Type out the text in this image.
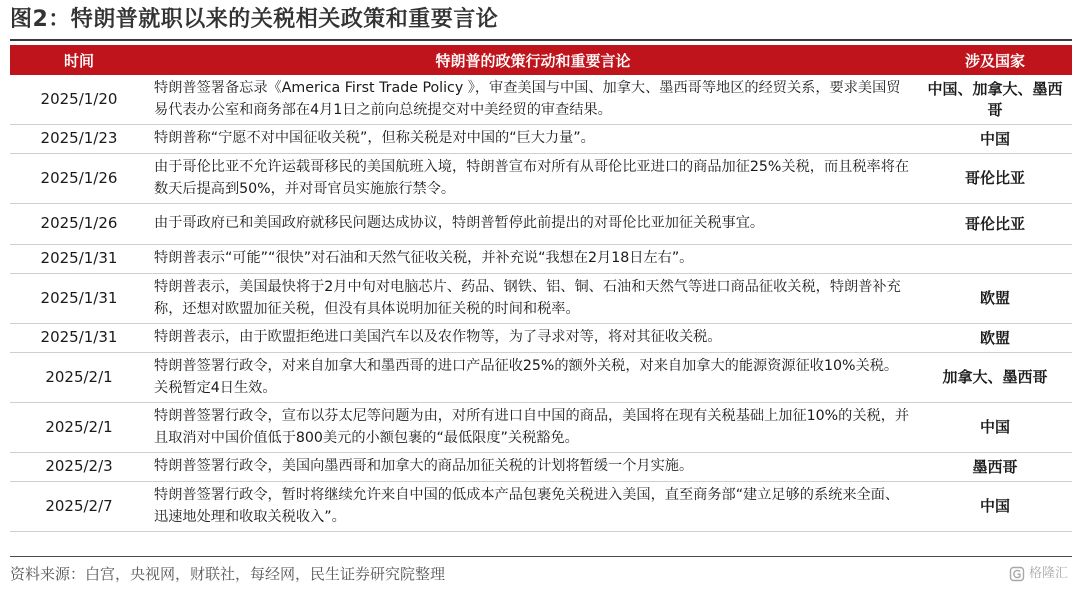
图2：特朗普就职以来的关税相关政策和重要言论
时间	特朗普的政策行动和重要言论	涉及国家
2025/1/20	特朗普签署备忘录《America First Trade Policy 》，审查美国与中国、加拿大、墨西哥等地区的经贸关系，要求美国贸易代表办公室和商务部在4月1日之前向总统提交对中美经贸的审查结果。	中国、加拿大、墨西哥
2025/1/23	特朗普称“宁愿不对中国征收关税”，但称关税是对中国的“巨大力量”。	中国
2025/1/26	由于哥伦比亚不允许运载哥移民的美国航班入境，特朗普宣布对所有从哥伦比亚进口的商品加征25%关税，而且税率将在数天后提高到50%，并对哥官员实施旅行禁令。	哥伦比亚
2025/1/26	由于哥政府已和美国政府就移民问题达成协议，特朗普暂停此前提出的对哥伦比亚加征关税事宜。	哥伦比亚
2025/1/31	特朗普表示“可能”“很快”对石油和天然气征收关税，并补充说“我想在2月18日左右”。	
2025/1/31	特朗普表示，美国最快将于2月中旬对电脑芯片、药品、钢铁、铝、铜、石油和天然气等进口商品征收关税，特朗普补充称，还想对欧盟加征关税，但没有具体说明加征关税的时间和税率。	欧盟
2025/1/31	特朗普表示，由于欧盟拒绝进口美国汽车以及农作物等，为了寻求对等，将对其征收关税。	欧盟
2025/2/1	特朗普签署行政令，对来自加拿大和墨西哥的进口产品征收25%的额外关税，对来自加拿大的能源资源征收10%关税。关税暂定4日生效。	加拿大、墨西哥
2025/2/1	特朗普签署行政令，宣布以芬太尼等问题为由，对所有进口自中国的商品，美国将在现有关税基础上加征10%的关税，并且取消对中国价值低于800美元的小额包裹的“最低限度”关税豁免。	中国
2025/2/3	特朗普签署行政令，美国向墨西哥和加拿大的商品加征关税的计划将暂缓一个月实施。	墨西哥
2025/2/7	特朗普签署行政令，暂时将继续允许来自中国的低成本产品包裹免关税进入美国，直至商务部“建立足够的系统来全面、迅速地处理和收取关税收入”。	中国
资料来源：白宫，央视网，财联社，每经网，民生证券研究院整理	格隆汇
